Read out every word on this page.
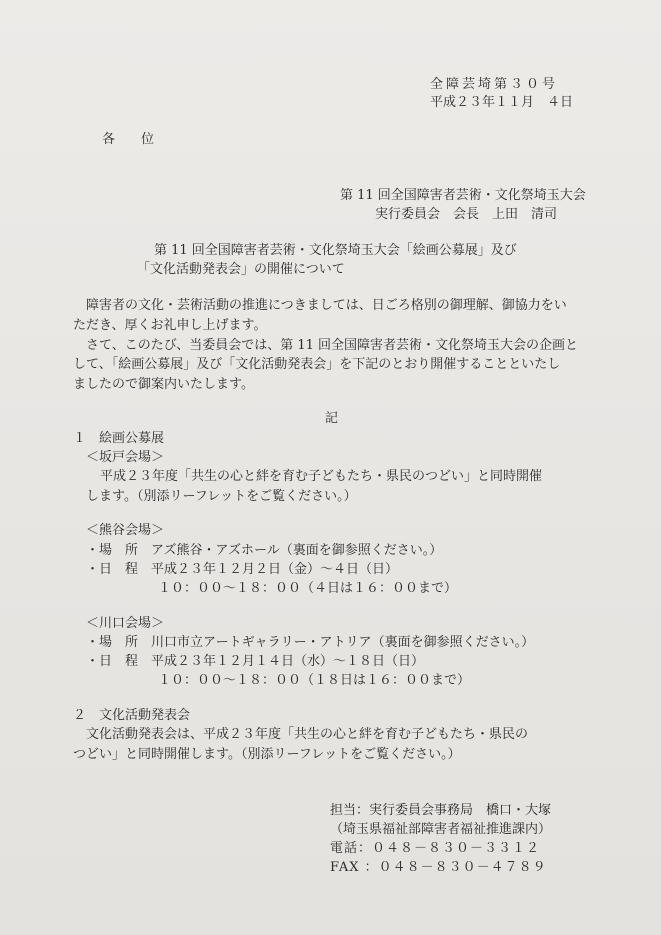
全障芸埼第３０号
平成２３年１１月　４日
各　　位
第 11 回全国障害者芸術・文化祭埼玉大会
実行委員会　会長　上田　清司
第 11 回全国障害者芸術・文化祭埼玉大会「絵画公募展」及び
「文化活動発表会」の開催について
障害者の文化・芸術活動の推進につきましては、日ごろ格別の御理解、御協力をい
ただき、厚くお礼申し上げます。
さて、このたび、当委員会では、第 11 回全国障害者芸術・文化祭埼玉大会の企画と
して、「絵画公募展」及び「文化活動発表会」を下記のとおり開催することといたし
ましたので御案内いたします。
記
１　絵画公募展
＜坂戸会場＞
平成２３年度「共生の心と絆を育む子どもたち・県民のつどい」と同時開催
します。（別添リーフレットをご覧ください。）
＜熊谷会場＞
・場　所　アズ熊谷・アズホール（裏面を御参照ください。）
・日　程　平成２３年１２月２日（金）～４日（日）
１０：００～１８：００（４日は１６：００まで）
＜川口会場＞
・場　所　川口市立アートギャラリー・アトリア（裏面を御参照ください。）
・日　程　平成２３年１２月１４日（水）～１８日（日）
１０：００～１８：００（１８日は１６：００まで）
２　文化活動発表会
文化活動発表会は、平成２３年度「共生の心と絆を育む子どもたち・県民の
つどい」と同時開催します。（別添リーフレットをご覧ください。）
担当：実行委員会事務局　橋口・大塚
（埼玉県福祉部障害者福祉推進課内）
電話：０４８－８３０－３３１２
FAX ：０４８－８３０－４７８９
